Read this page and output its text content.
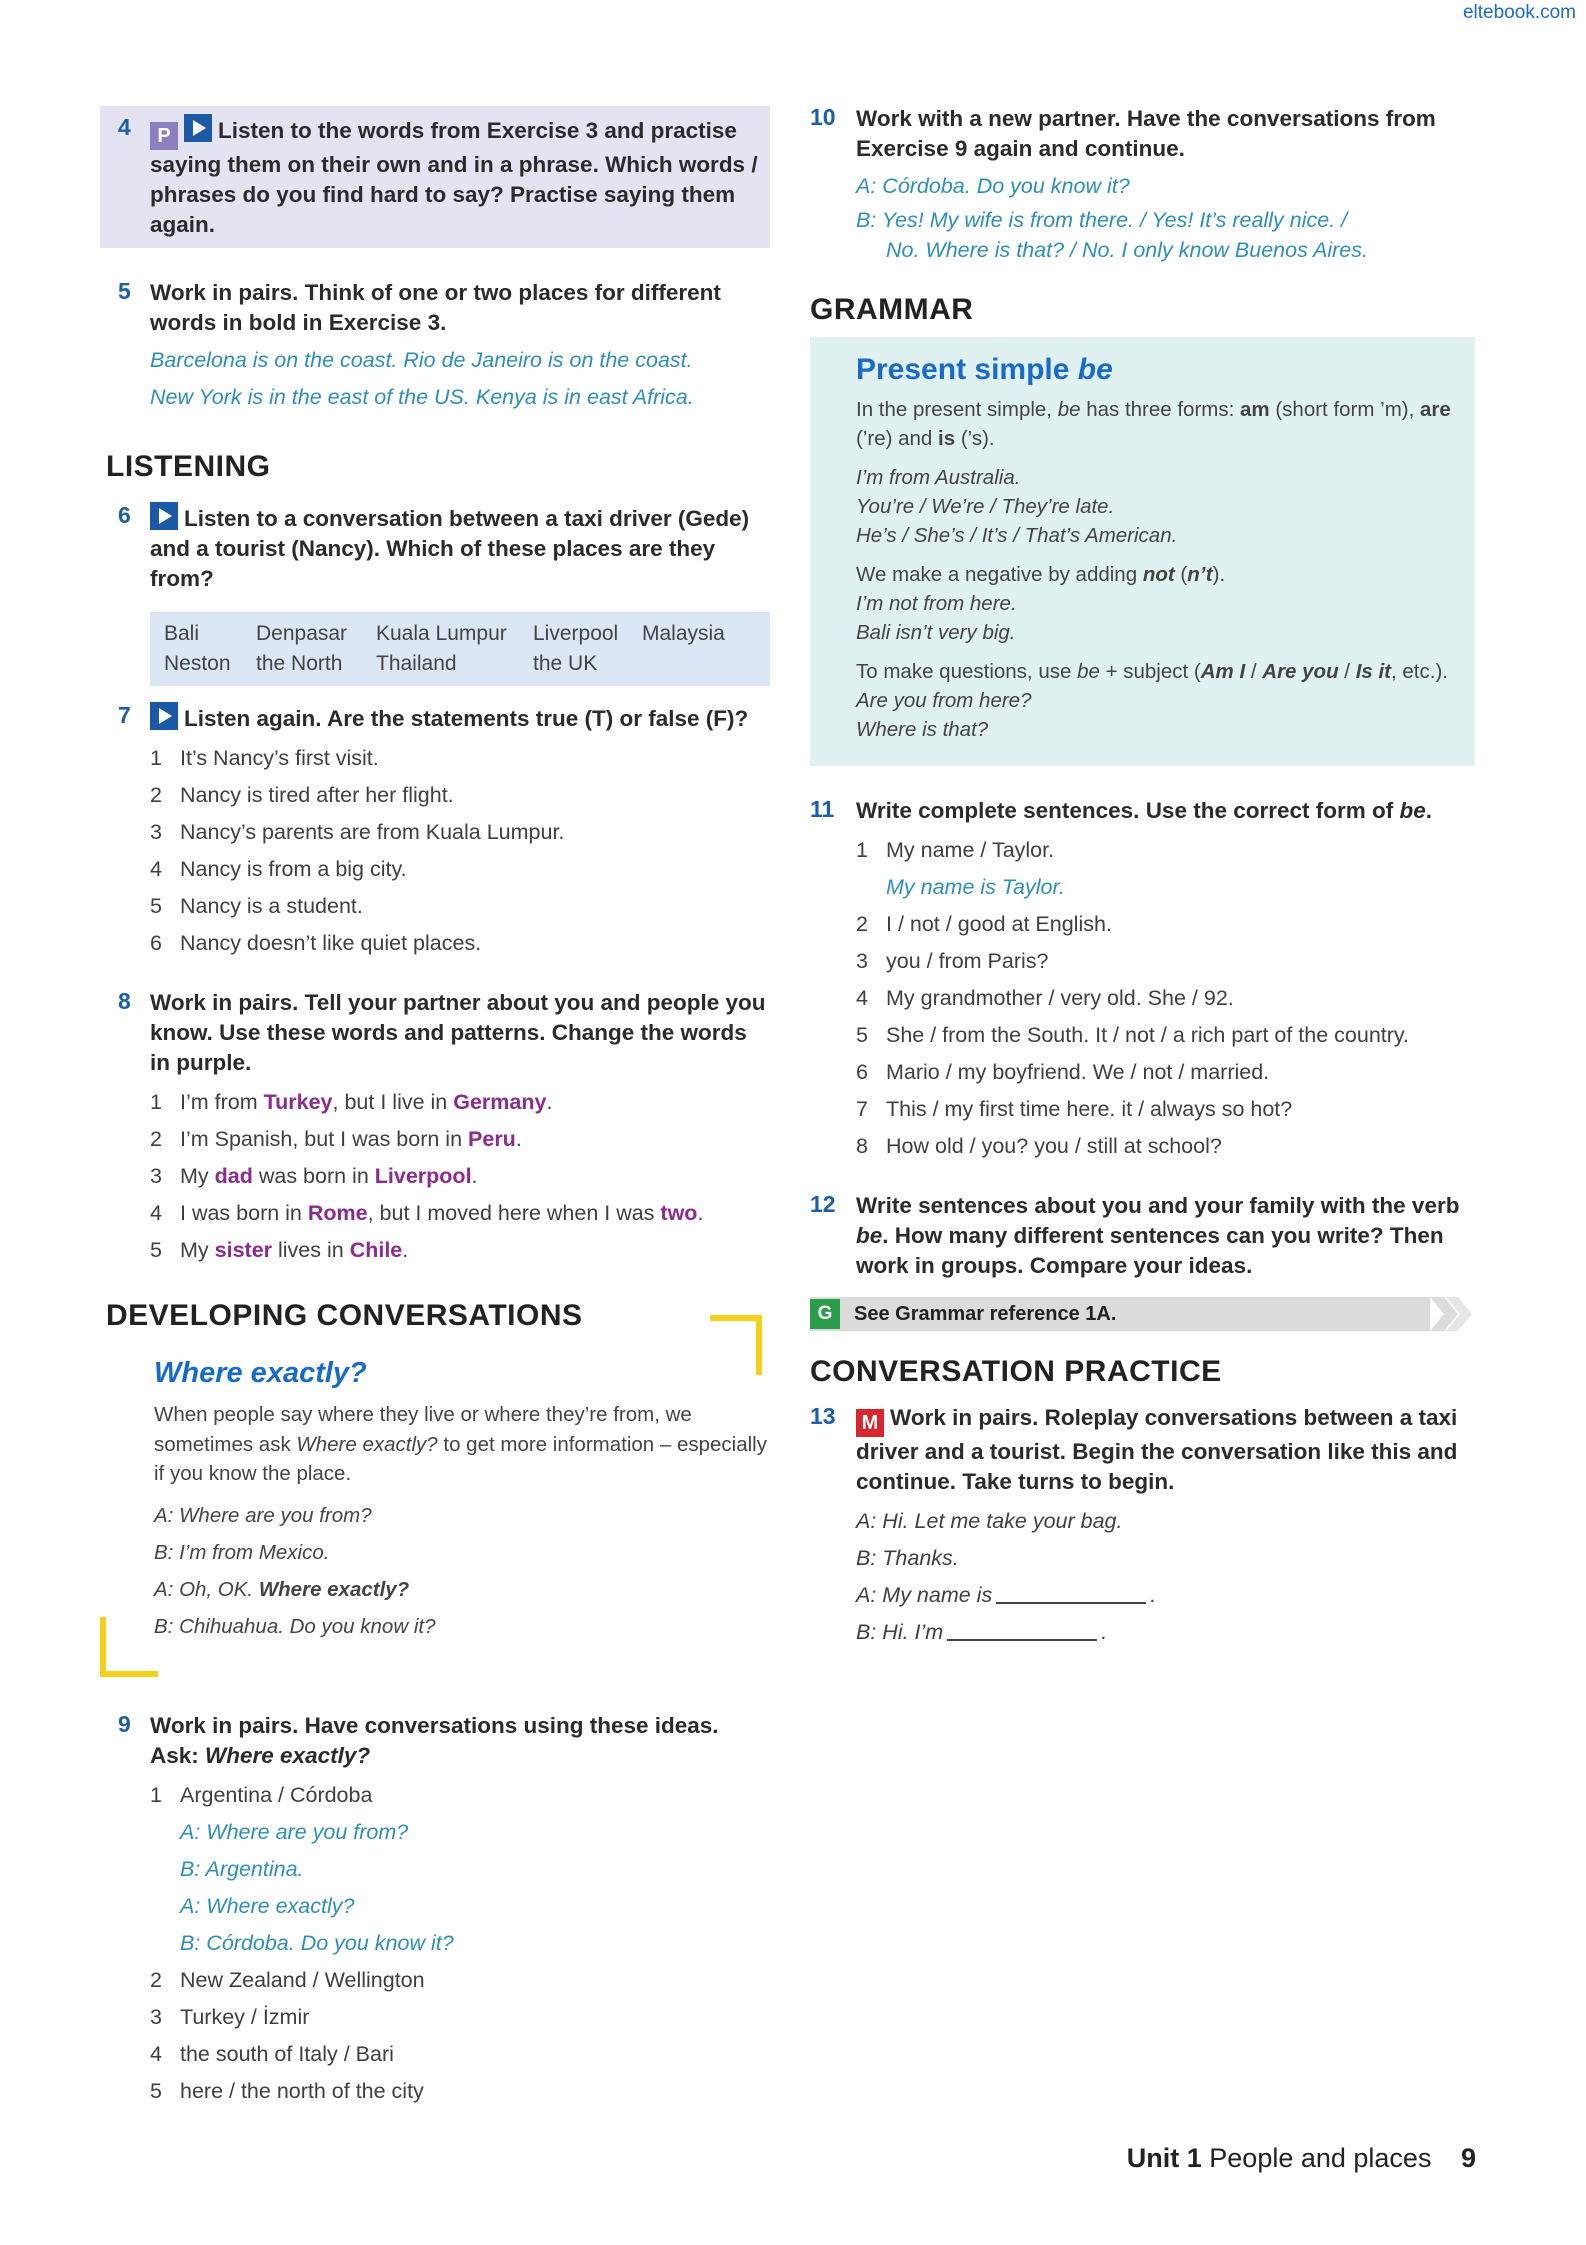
eltebook.com
4	P Listen to the words from Exercise 3 and practise saying them on their own and in a phrase. Which words / phrases do you find hard to say? Practise saying them again.
5 Work in pairs. Think of one or two places for different words in bold in Exercise 3.
Barcelona is on the coast. Rio de Janeiro is on the coast.
New York is in the east of the US. Kenya is in east Africa.
LISTENING
6	Listen to a conversation between a taxi driver (Gede) and a tourist (Nancy). Which of these places are they from?
Bali	Denpasar	Kuala Lumpur	Liverpool	Malaysia
Neston	the North	Thailand	the UK
7	Listen again. Are the statements true (T) or false (F)?
1 It’s Nancy’s first visit.
2 Nancy is tired after her flight.
3 Nancy’s parents are from Kuala Lumpur.
4 Nancy is from a big city.
5 Nancy is a student.
6 Nancy doesn’t like quiet places.
8 Work in pairs. Tell your partner about you and people you know. Use these words and patterns. Change the words in purple.
1 I’m from Turkey, but I live in Germany.
2 I’m Spanish, but I was born in Peru.
3 My dad was born in Liverpool.
4 I was born in Rome, but I moved here when I was two.
5 My sister lives in Chile.
DEVELOPING CONVERSATIONS
Where exactly?
When people say where they live or where they’re from, we sometimes ask Where exactly? to get more information – especially if you know the place.
A: Where are you from?
B: I’m from Mexico.
A: Oh, OK. Where exactly?
B: Chihuahua. Do you know it?
9 Work in pairs. Have conversations using these ideas. Ask: Where exactly?
1 Argentina / Córdoba
A: Where are you from?
B: Argentina.
A: Where exactly?
B: Córdoba. Do you know it?
2 New Zealand / Wellington
3 Turkey / İzmir
4 the south of Italy / Bari
5 here / the north of the city
10 Work with a new partner. Have the conversations from Exercise 9 again and continue.
A: Córdoba. Do you know it?
B: Yes! My wife is from there. / Yes! It’s really nice. /
No. Where is that? / No. I only know Buenos Aires.
GRAMMAR
Present simple be
In the present simple, be has three forms: am (short form ’m), are (’re) and is (’s).
I’m from Australia.
You’re / We’re / They’re late.
He’s / She’s / It’s / That’s American.
We make a negative by adding not (n’t).
I’m not from here.
Bali isn’t very big.
To make questions, use be + subject (Am I / Are you / Is it, etc.).
Are you from here?
Where is that?
11 Write complete sentences. Use the correct form of be.
1 My name / Taylor.
My name is Taylor.
2 I / not / good at English.
3 you / from Paris?
4 My grandmother / very old. She / 92.
5 She / from the South. It / not / a rich part of the country.
6 Mario / my boyfriend. We / not / married.
7 This / my first time here. it / always so hot?
8 How old / you? you / still at school?
12 Write sentences about you and your family with the verb be. How many different sentences can you write? Then work in groups. Compare your ideas.
G	See Grammar reference 1A.
CONVERSATION PRACTICE
13 M Work in pairs. Roleplay conversations between a taxi driver and a tourist. Begin the conversation like this and continue. Take turns to begin.
A: Hi. Let me take your bag.
B: Thanks.
A: My name is	.
B: Hi. I’m	.
Unit 1 People and places 9
